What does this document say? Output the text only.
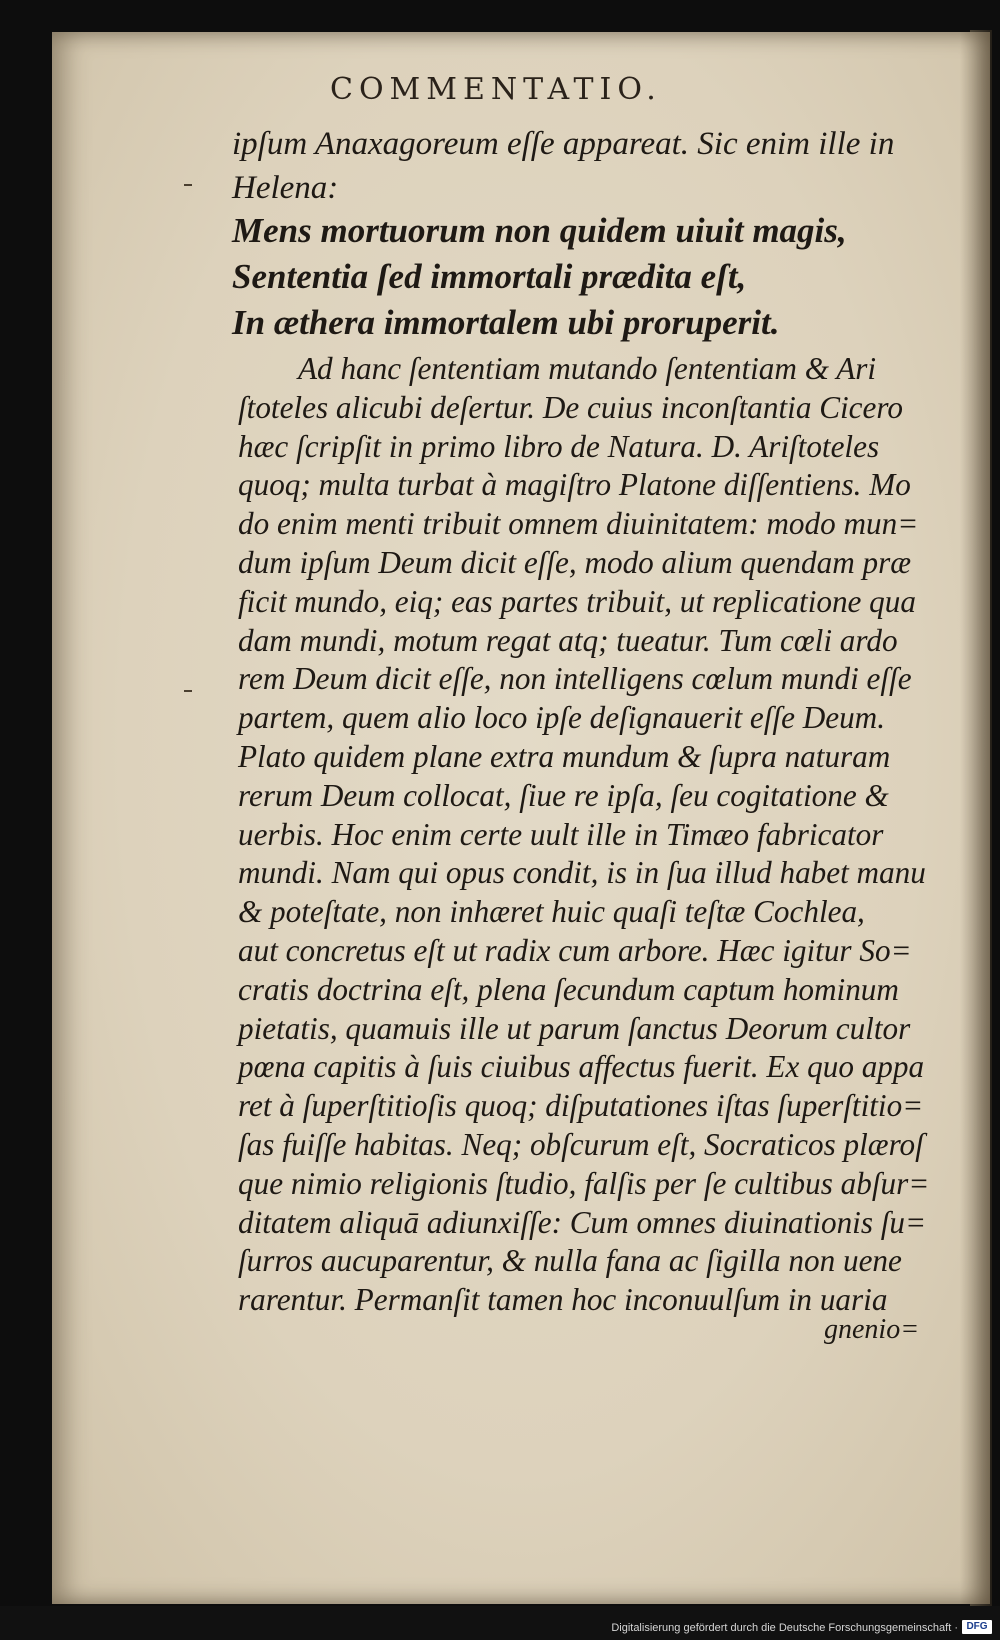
COMMENTATIO.
ipſum Anaxagoreum eſſe appareat. Sic enim ille in
Helena:
Mens mortuorum non quidem uiuit magis,
Sententia ſed immortali prædita eſt,
In æthera immortalem ubi proruperit.
Ad hanc ſententiam mutando ſententiam & Ari
ſtoteles alicubi deſertur. De cuius inconſtantia Cicero
hæc ſcripſit in primo libro de Natura. D. Ariſtoteles
quoq; multa turbat à magiſtro Platone diſſentiens. Mo
do enim menti tribuit omnem diuinitatem: modo mun=
dum ipſum Deum dicit eſſe, modo alium quendam præ
ficit mundo, eiq; eas partes tribuit, ut replicatione qua
dam mundi, motum regat atq; tueatur. Tum cœli ardo
rem Deum dicit eſſe, non intelligens cœlum mundi eſſe
partem, quem alio loco ipſe deſignauerit eſſe Deum.
Plato quidem plane extra mundum & ſupra naturam
rerum Deum collocat, ſiue re ipſa, ſeu cogitatione &
uerbis. Hoc enim certe uult ille in Timæo fabricator
mundi. Nam qui opus condit, is in ſua illud habet manu
& poteſtate, non inhæret huic quaſi teſtæ Cochlea,
aut concretus eſt ut radix cum arbore. Hæc igitur So=
cratis doctrina eſt, plena ſecundum captum hominum
pietatis, quamuis ille ut parum ſanctus Deorum cultor
pœna capitis à ſuis ciuibus affectus fuerit. Ex quo appa
ret à ſuperſtitioſis quoq; diſputationes iſtas ſuperſtitio=
ſas fuiſſe habitas. Neq; obſcurum eſt, Socraticos plæroſ
que nimio religionis ſtudio, falſis per ſe cultibus abſur=
ditatem aliquā adiunxiſſe: Cum omnes diuinationis ſu=
ſurros aucuparentur, & nulla fana ac ſigilla non uene
rarentur. Permanſit tamen hoc inconuulſum in uaria
gnenio=
Digitalisierung gefördert durch die Deutsche Forschungsgemeinschaft · DFG
